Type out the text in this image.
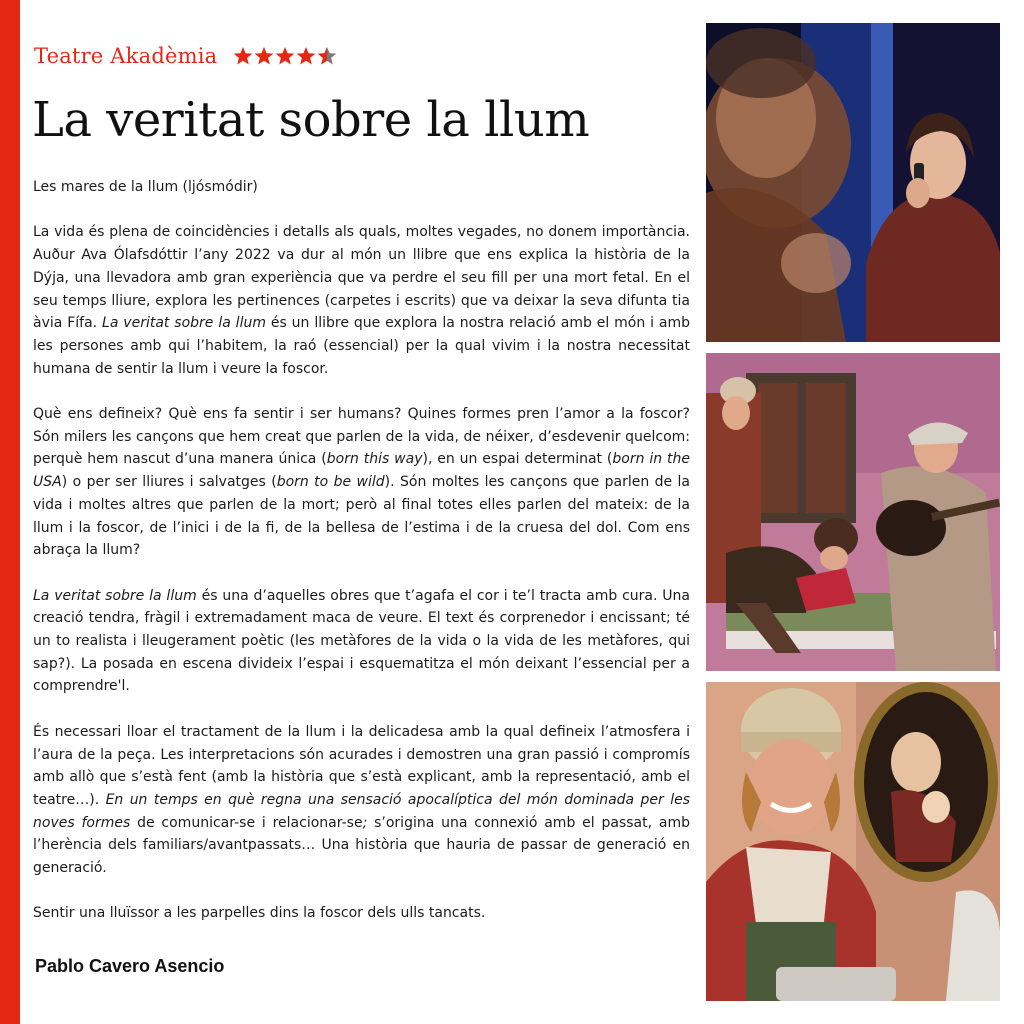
Teatre Akadèmia
La veritat sobre la llum

Les mares de la llum (ljósmódir)

La vida és plena de coincidències i detalls als quals, moltes vegades, no donem importància. Auður Ava Ólafsdóttir l’any 2022 va dur al món un llibre que ens explica la història de la Dýja, una llevadora amb gran experiència que va perdre el seu fill per una mort fetal. En el seu temps lliure, explora les pertinences (carpetes i escrits) que va deixar la seva difunta tia àvia Fífa. La veritat sobre la llum és un llibre que explora la nostra relació amb el món i amb les persones amb qui l’habitem, la raó (essencial) per la qual vivim i la nostra necessitat humana de sentir la llum i veure la foscor.

Què ens defineix? Què ens fa sentir i ser humans? Quines formes pren l’amor a la foscor? Són milers les cançons que hem creat que parlen de la vida, de néixer, d’esdevenir quelcom: perquè hem nascut d’una manera única (born this way), en un espai determinat (born in the USA) o per ser lliures i salvatges (born to be wild). Són moltes les cançons que parlen de la vida i moltes altres que parlen de la mort; però al final totes elles parlen del mateix: de la llum i la foscor, de l’inici i de la fi, de la bellesa de l’estima i de la cruesa del dol. Com ens abraça la llum?

La veritat sobre la llum és una d’aquelles obres que t’agafa el cor i te’l tracta amb cura. Una creació tendra, fràgil i extremadament maca de veure. El text és corprenedor i encissant; té un to realista i lleugerament poètic (les metàfores de la vida o la vida de les metàfores, qui sap?). La posada en escena divideix l’espai i esquematitza el món deixant l’essencial per a comprendre'l.

És necessari lloar el tractament de la llum i la delicadesa amb la qual defineix l’atmosfera i l’aura de la peça. Les interpretacions són acurades i demostren una gran passió i compromís amb allò que s’està fent (amb la història que s’està explicant, amb la representació, amb el teatre…). En un temps en què regna una sensació apocalíptica del món dominada per les noves formes de comunicar-se i relacionar-se; s’origina una connexió amb el passat, amb l’herència dels familiars/avantpassats… Una història que hauria de passar de generació en generació.

Sentir una lluïssor a les parpelles dins la foscor dels ulls tancats.

Pablo Cavero Asencio
